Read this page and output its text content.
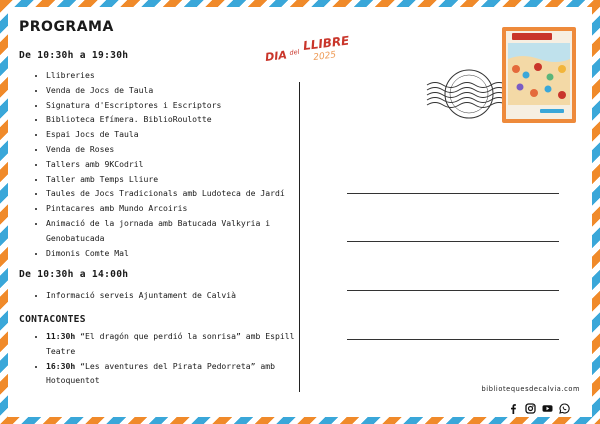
PROGRAMA
DIA del LLIBRE
2025
De 10:30h a 19:30h
• Llibreries
• Venda de Jocs de Taula
• Signatura d'Escriptores i Escriptors
• Biblioteca Efímera. BiblioRoulotte
• Espai Jocs de Taula
• Venda de Roses
• Tallers amb 9KCodril
• Taller amb Temps Lliure
• Taules de Jocs Tradicionals amb Ludoteca de Jardí
• Pintacares amb Mundo Arcoiris
• Animació de la jornada amb Batucada Valkyria i Genobatucada
• Dimonis Comte Mal
De 10:30h a 14:00h
• Informació serveis Ajuntament de Calvià
CONTACONTES
• 11:30h “El dragón que perdió la sonrisa” amb Espill Teatre
• 16:30h “Les aventures del Pirata Pedorreta” amb Hotoquentot
bibliotequesdecalvia.com
